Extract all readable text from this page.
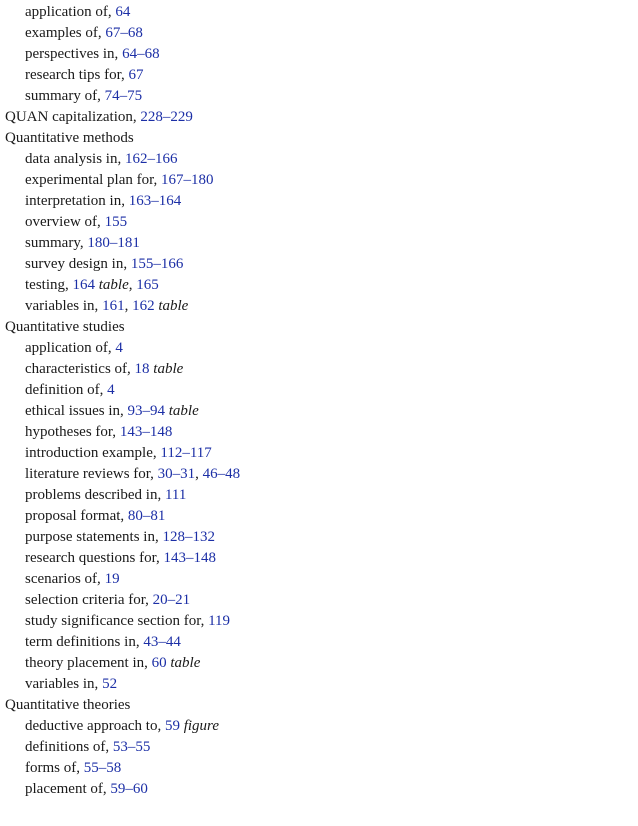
application of, 64
examples of, 67–68
perspectives in, 64–68
research tips for, 67
summary of, 74–75
QUAN capitalization, 228–229
Quantitative methods
data analysis in, 162–166
experimental plan for, 167–180
interpretation in, 163–164
overview of, 155
summary, 180–181
survey design in, 155–166
testing, 164 table, 165
variables in, 161, 162 table
Quantitative studies
application of, 4
characteristics of, 18 table
definition of, 4
ethical issues in, 93–94 table
hypotheses for, 143–148
introduction example, 112–117
literature reviews for, 30–31, 46–48
problems described in, 111
proposal format, 80–81
purpose statements in, 128–132
research questions for, 143–148
scenarios of, 19
selection criteria for, 20–21
study significance section for, 119
term definitions in, 43–44
theory placement in, 60 table
variables in, 52
Quantitative theories
deductive approach to, 59 figure
definitions of, 53–55
forms of, 55–58
placement of, 59–60
